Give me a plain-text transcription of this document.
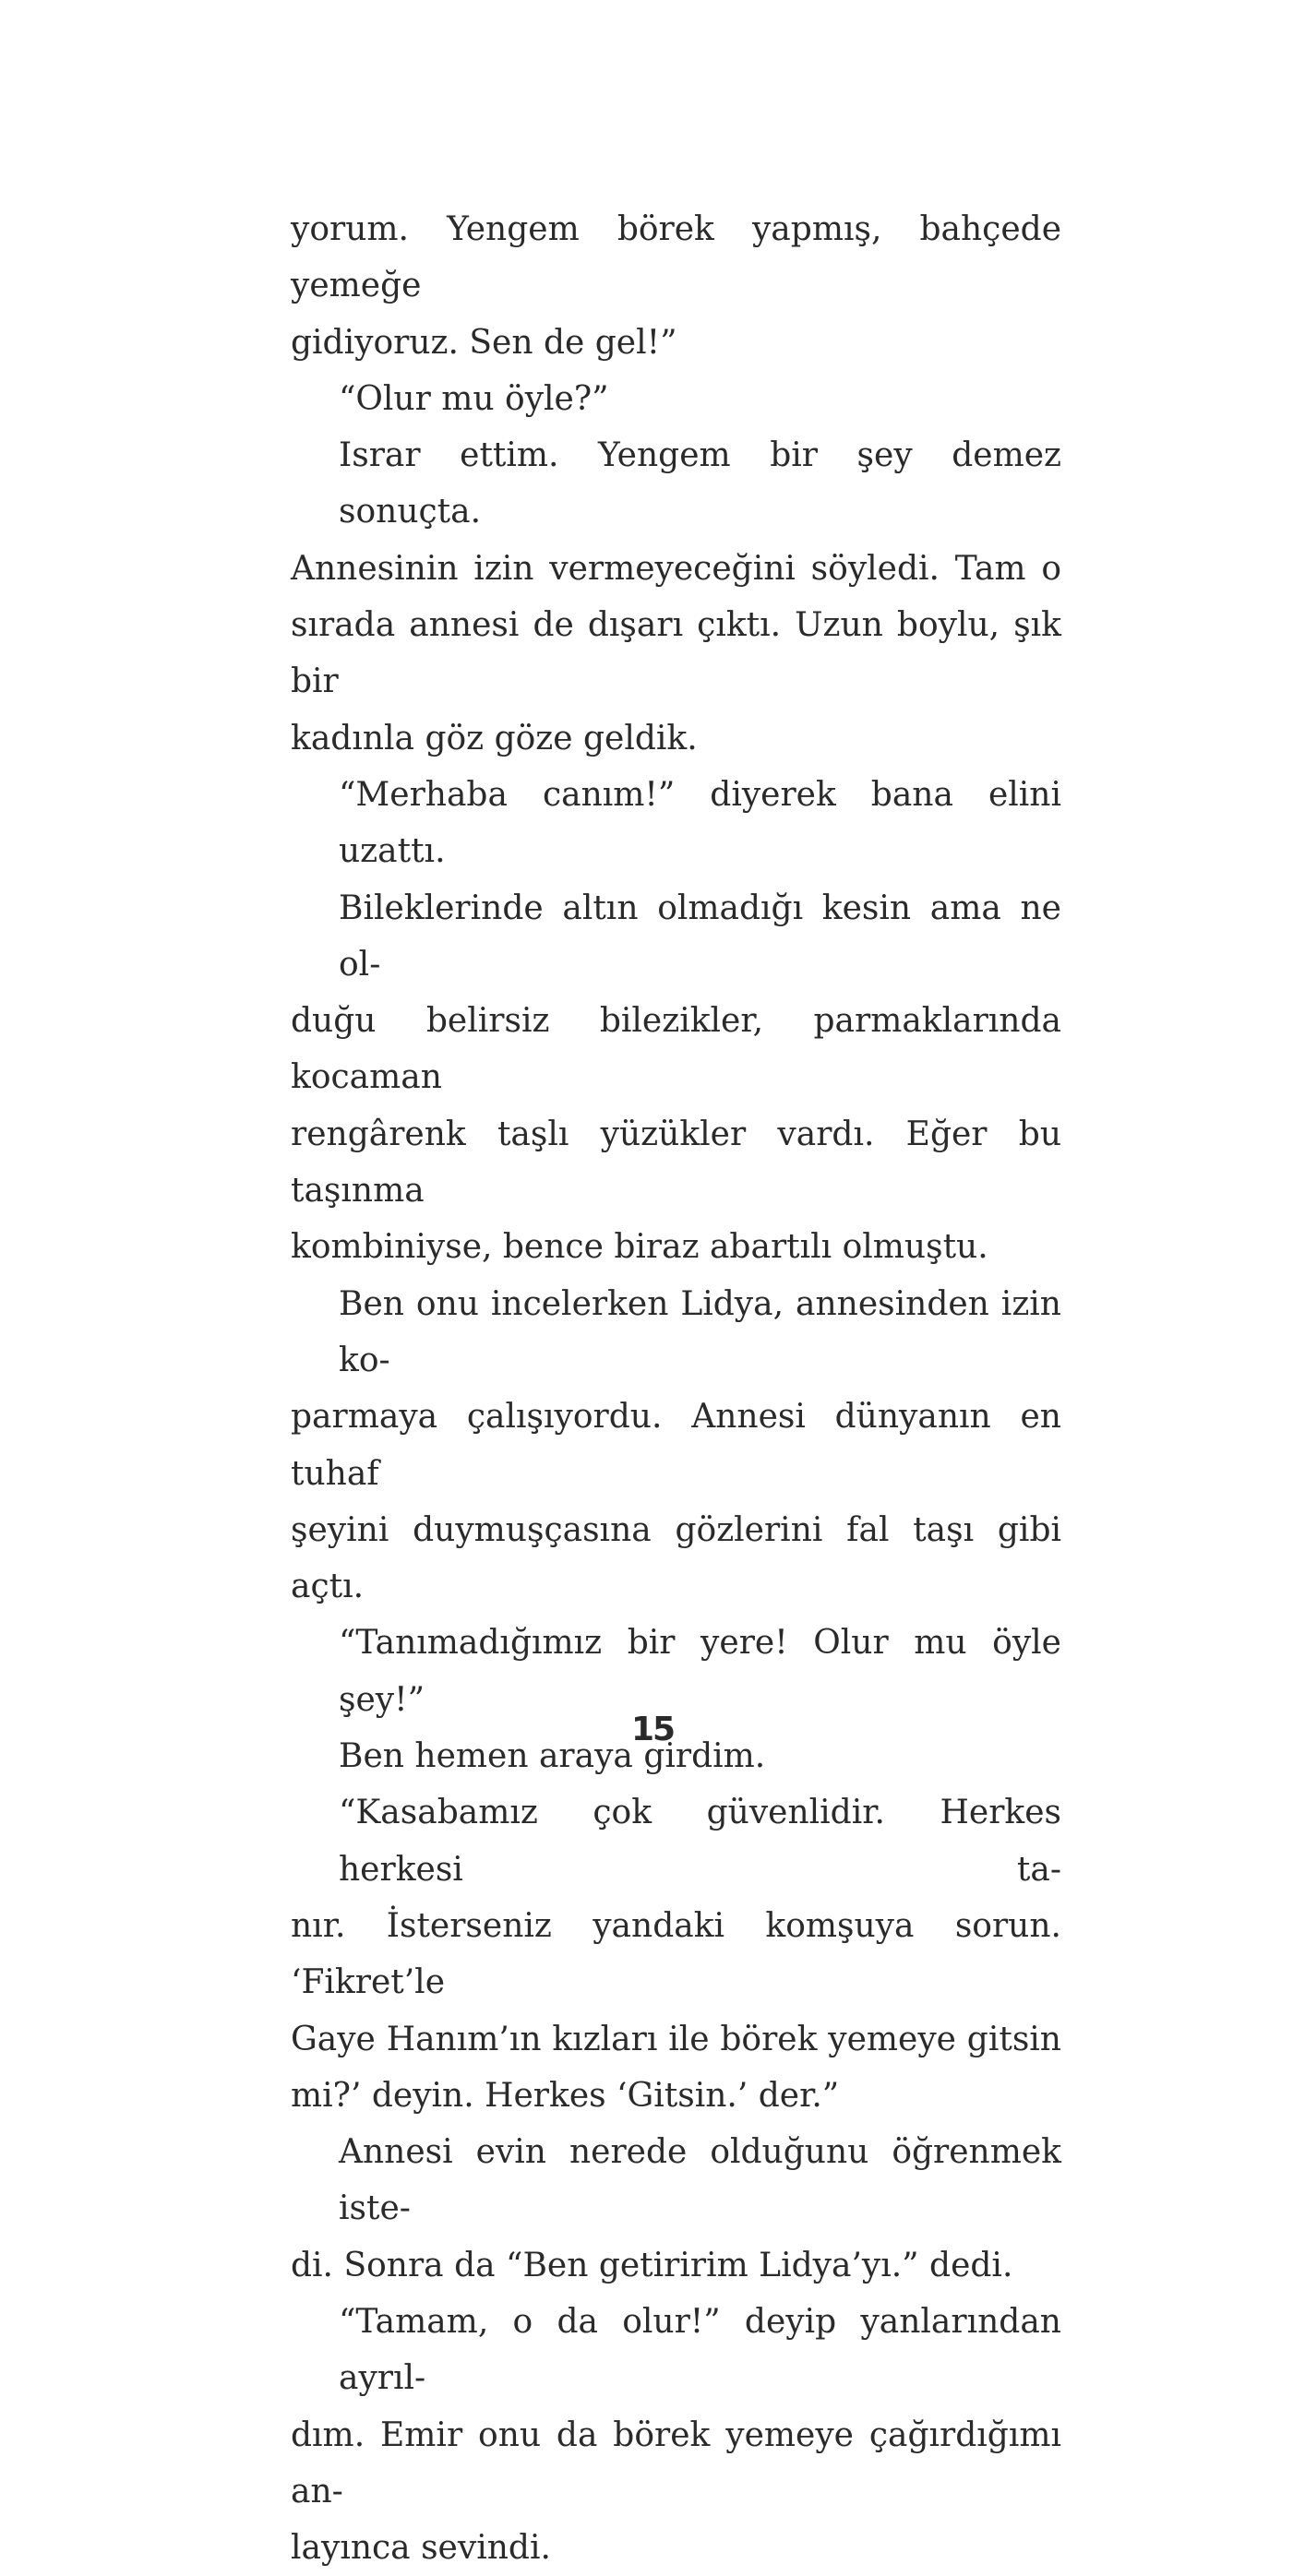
yorum. Yengem börek yapmış, bahçede yemeğe

gidiyoruz. Sen de gel!”

“Olur mu öyle?”

Israr ettim. Yengem bir şey demez sonuçta.

Annesinin izin vermeyeceğini söyledi. Tam o

sırada annesi de dışarı çıktı. Uzun boylu, şık bir

kadınla göz göze geldik.

“Merhaba canım!” diyerek bana elini uzattı.

Bileklerinde altın olmadığı kesin ama ne ol-

duğu belirsiz bilezikler, parmaklarında kocaman

rengârenk taşlı yüzükler vardı. Eğer bu taşınma

kombiniyse, bence biraz abartılı olmuştu.

Ben onu incelerken Lidya, annesinden izin ko-

parmaya çalışıyordu. Annesi dünyanın en tuhaf

şeyini duymuşçasına gözlerini fal taşı gibi açtı.

“Tanımadığımız bir yere! Olur mu öyle şey!”

Ben hemen araya girdim.

“Kasabamız çok güvenlidir. Herkes herkesi ta-

nır. İsterseniz yandaki komşuya sorun. ‘Fikret’le

Gaye Hanım’ın kızları ile börek yemeye gitsin

mi?’ deyin. Herkes ‘Gitsin.’ der.”

Annesi evin nerede olduğunu öğrenmek iste-

di. Sonra da “Ben getiririm Lidya’yı.” dedi.

“Tamam, o da olur!” deyip yanlarından ayrıl-

dım. Emir onu da börek yemeye çağırdığımı an-

layınca sevindi.

15
